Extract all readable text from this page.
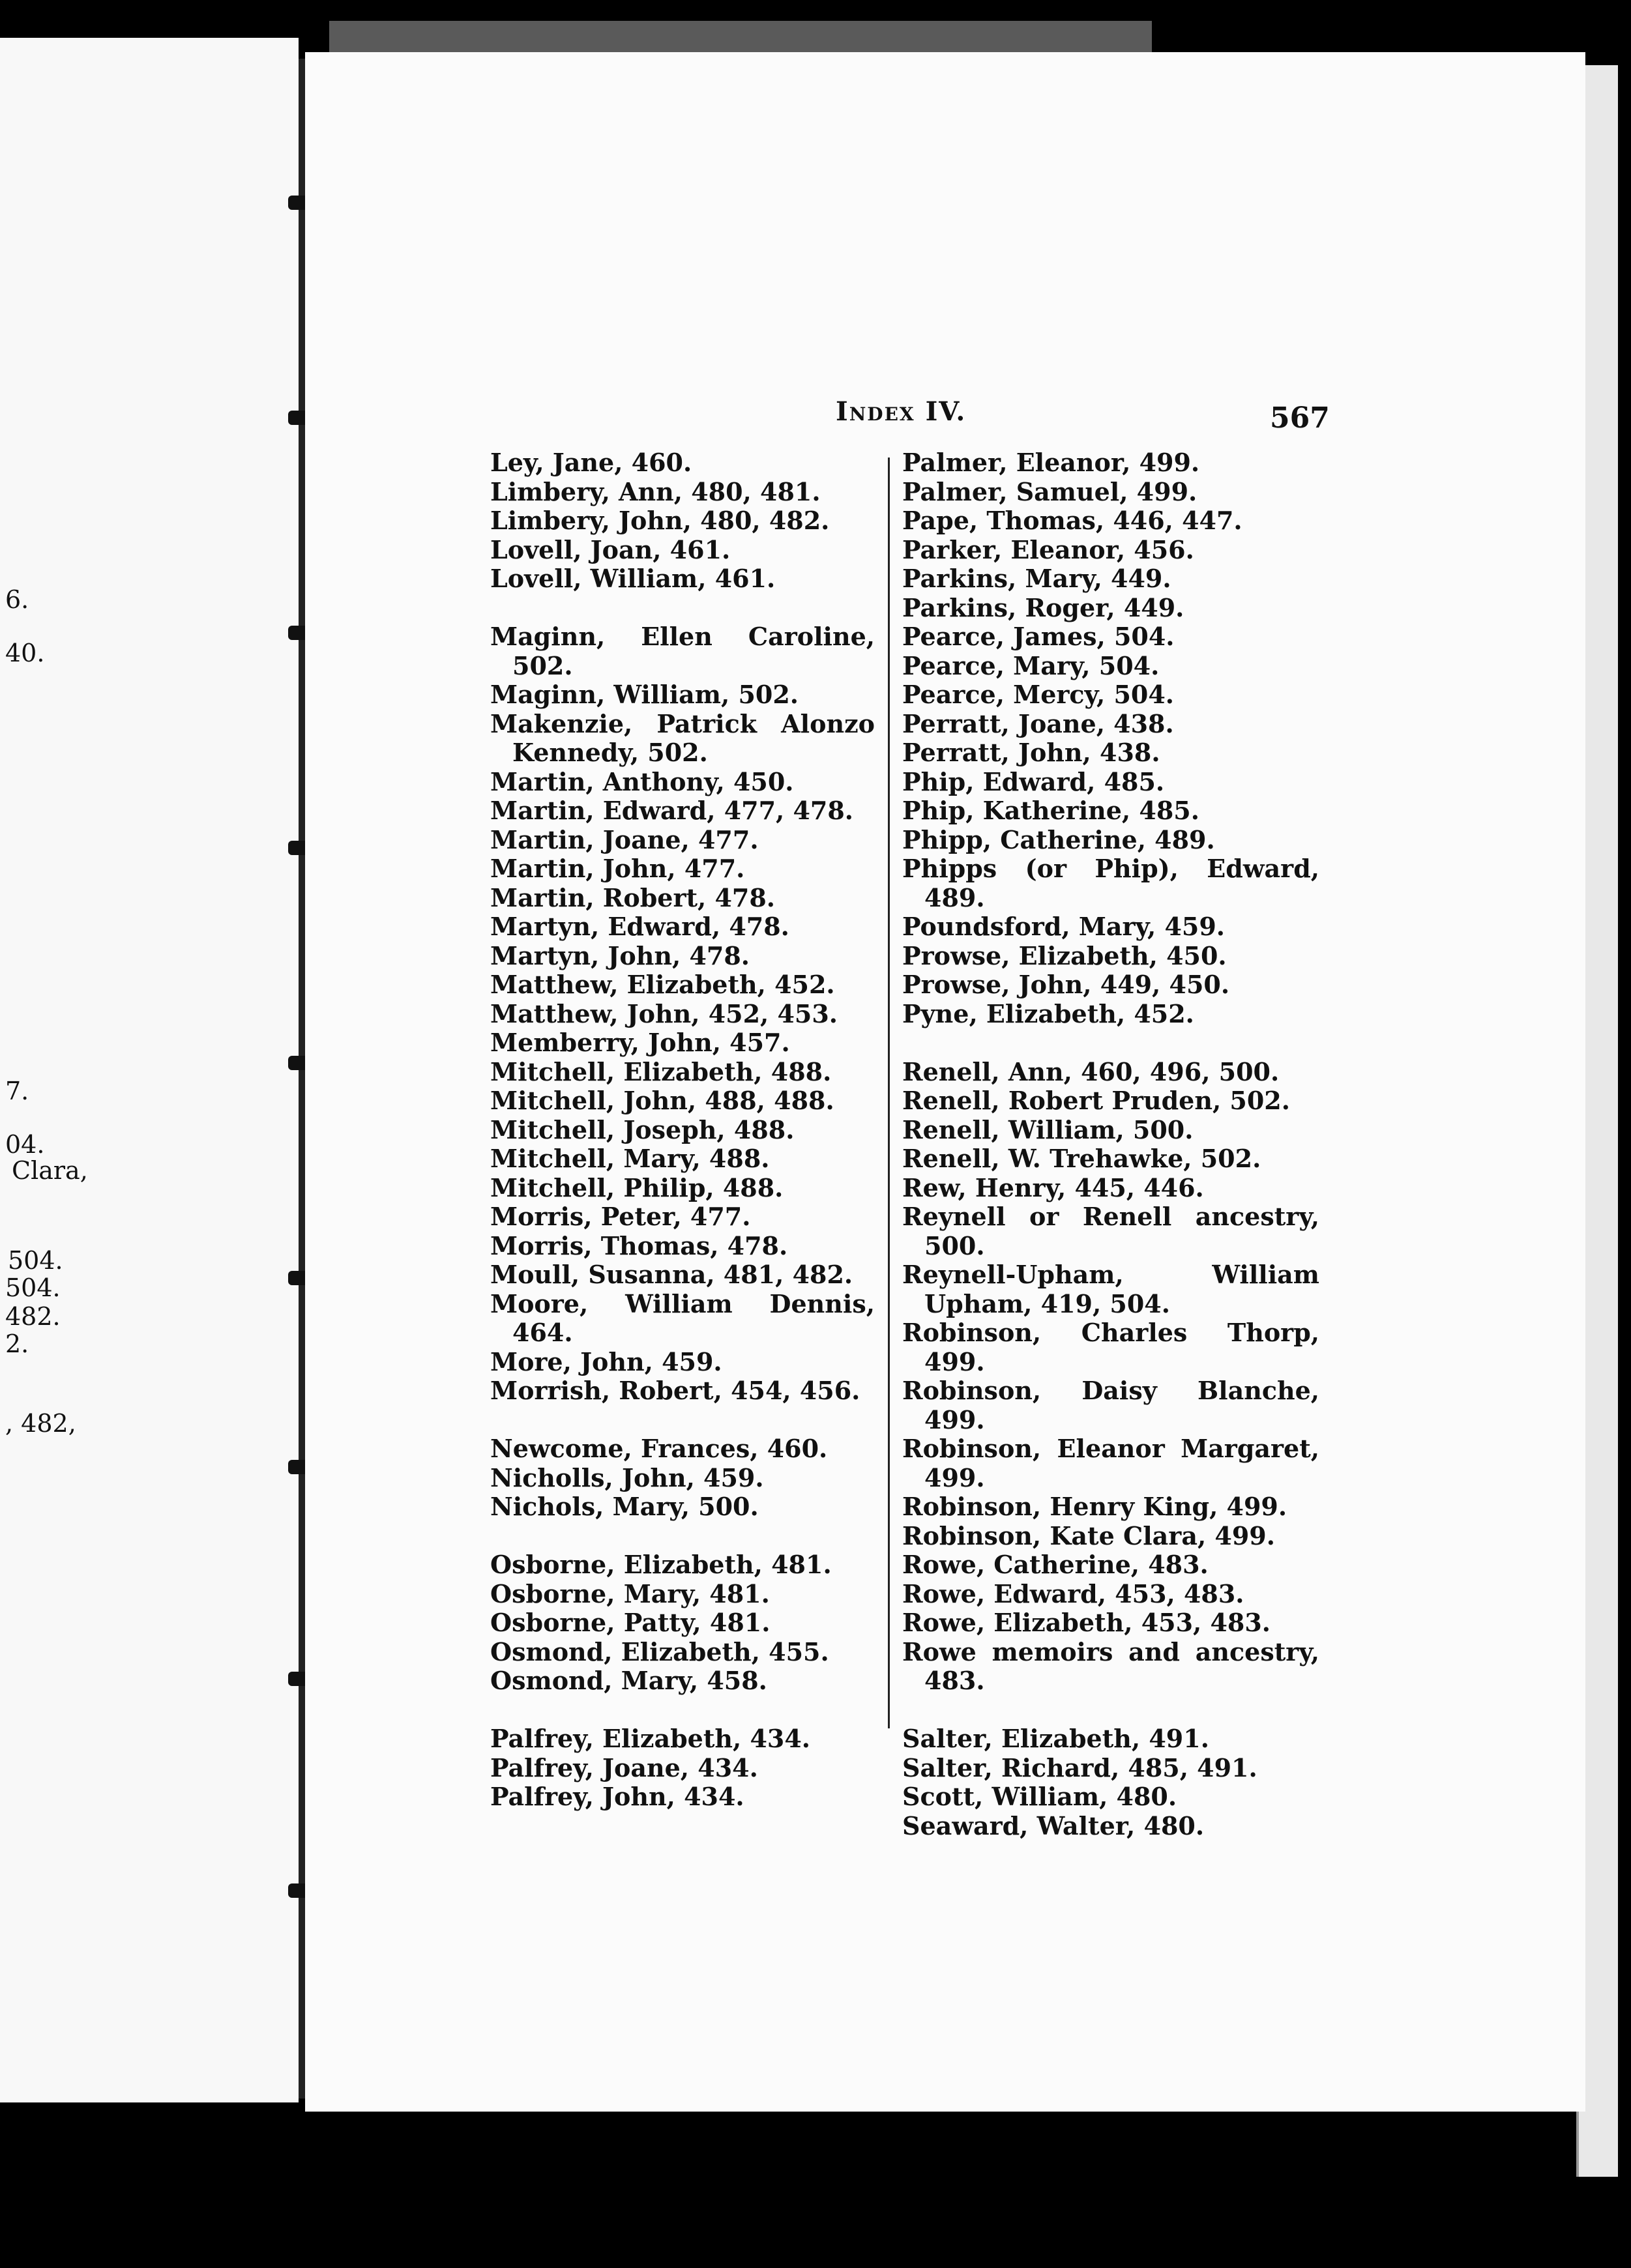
6.
40.
7.
04.
Clara,
504.
504.
482.
2.
, 482,
Index IV.	567
Ley, Jane, 460.
Limbery, Ann, 480, 481.
Limbery, John, 480, 482.
Lovell, Joan, 461.
Lovell, William, 461.
Maginn, Ellen Caroline, 502.
Maginn, William, 502.
Makenzie, Patrick Alonzo Kennedy, 502.
Martin, Anthony, 450.
Martin, Edward, 477, 478.
Martin, Joane, 477.
Martin, John, 477.
Martin, Robert, 478.
Martyn, Edward, 478.
Martyn, John, 478.
Matthew, Elizabeth, 452.
Matthew, John, 452, 453.
Memberry, John, 457.
Mitchell, Elizabeth, 488.
Mitchell, John, 488, 488.
Mitchell, Joseph, 488.
Mitchell, Mary, 488.
Mitchell, Philip, 488.
Morris, Peter, 477.
Morris, Thomas, 478.
Moull, Susanna, 481, 482.
Moore, William Dennis, 464.
More, John, 459.
Morrish, Robert, 454, 456.
Newcome, Frances, 460.
Nicholls, John, 459.
Nichols, Mary, 500.
Osborne, Elizabeth, 481.
Osborne, Mary, 481.
Osborne, Patty, 481.
Osmond, Elizabeth, 455.
Osmond, Mary, 458.
Palfrey, Elizabeth, 434.
Palfrey, Joane, 434.
Palfrey, John, 434.
Palmer, Eleanor, 499.
Palmer, Samuel, 499.
Pape, Thomas, 446, 447.
Parker, Eleanor, 456.
Parkins, Mary, 449.
Parkins, Roger, 449.
Pearce, James, 504.
Pearce, Mary, 504.
Pearce, Mercy, 504.
Perratt, Joane, 438.
Perratt, John, 438.
Phip, Edward, 485.
Phip, Katherine, 485.
Phipp, Catherine, 489.
Phipps (or Phip), Edward, 489.
Poundsford, Mary, 459.
Prowse, Elizabeth, 450.
Prowse, John, 449, 450.
Pyne, Elizabeth, 452.
Renell, Ann, 460, 496, 500.
Renell, Robert Pruden, 502.
Renell, William, 500.
Renell, W. Trehawke, 502.
Rew, Henry, 445, 446.
Reynell or Renell ancestry, 500.
Reynell-Upham, William Upham, 419, 504.
Robinson, Charles Thorp, 499.
Robinson, Daisy Blanche, 499.
Robinson, Eleanor Margaret, 499.
Robinson, Henry King, 499.
Robinson, Kate Clara, 499.
Rowe, Catherine, 483.
Rowe, Edward, 453, 483.
Rowe, Elizabeth, 453, 483.
Rowe memoirs and ancestry, 483.
Salter, Elizabeth, 491.
Salter, Richard, 485, 491.
Scott, William, 480.
Seaward, Walter, 480.
